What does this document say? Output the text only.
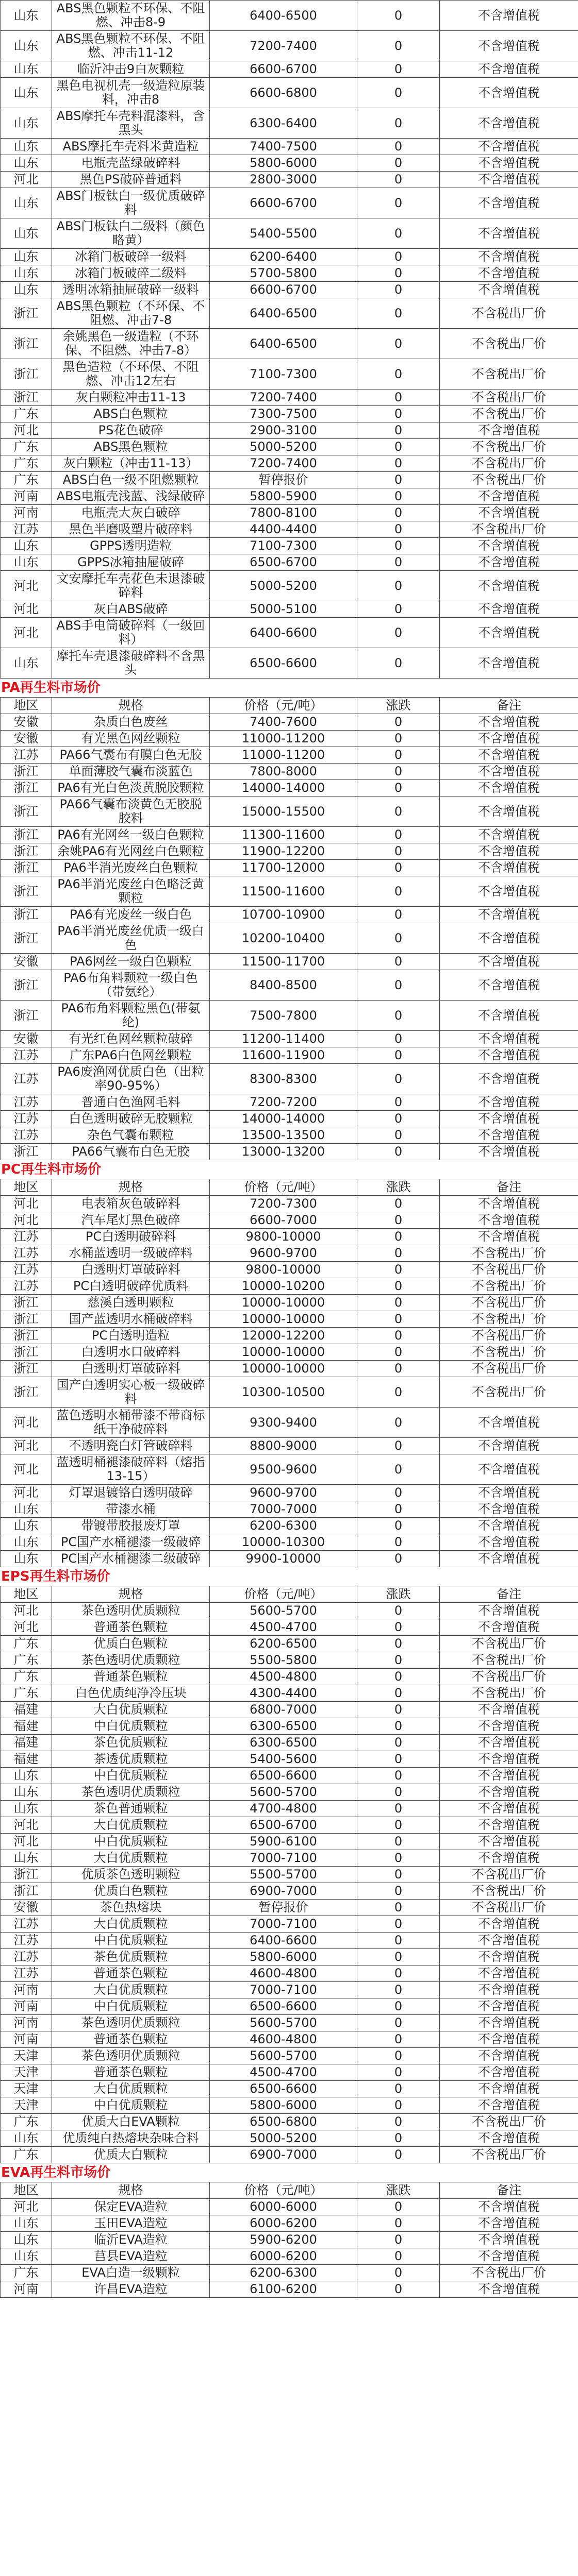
山东	ABS黑色颗粒不环保、不阻燃、冲击8-9	6400-6500	0	不含增值税
山东	ABS黑色颗粒不环保、不阻燃、冲击11-12	7200-7400	0	不含增值税
山东	临沂冲击9白灰颗粒	6600-6700	0	不含增值税
山东	黑色电视机壳一级造粒原装料，冲击8	6600-6800	0	不含增值税
山东	ABS摩托车壳料混漆料，含黑头	6300-6400	0	不含增值税
山东	ABS摩托车壳料米黄造粒	7400-7500	0	不含增值税
山东	电瓶壳蓝绿破碎料	5800-6000	0	不含增值税
河北	黑色PS破碎普通料	2800-3000	0	不含增值税
山东	ABS门板钛白一级优质破碎料	6600-6700	0	不含增值税
山东	ABS门板钛白二级料（颜色略黄）	5400-5500	0	不含增值税
山东	冰箱门板破碎一级料	6200-6400	0	不含增值税
山东	冰箱门板破碎二级料	5700-5800	0	不含增值税
山东	透明冰箱抽屉破碎一级料	6600-6700	0	不含增值税
浙江	ABS黑色颗粒（不环保、不阻燃、冲击7-8	6400-6500	0	不含税出厂价
浙江	余姚黑色一级造粒（不环保、不阻燃、冲击7-8）	6400-6500	0	不含税出厂价
浙江	黑色造粒（不环保、不阻燃、冲击12左右	7100-7300	0	不含税出厂价
浙江	灰白颗粒冲击11-13	7200-7400	0	不含税出厂价
广东	ABS白色颗粒	7300-7500	0	不含税出厂价
河北	PS花色破碎	2900-3100	0	不含增值税
广东	ABS黑色颗粒	5000-5200	0	不含税出厂价
广东	灰白颗粒（冲击11-13）	7200-7400	0	不含税出厂价
广东	ABS白色一级不阻燃颗粒	暂停报价	0	不含税出厂价
河南	ABS电瓶壳浅蓝、浅绿破碎	5800-5900	0	不含增值税
河南	电瓶壳大灰白破碎	7800-8100	0	不含增值税
江苏	黑色半磨吸塑片破碎料	4400-4400	0	不含税出厂价
山东	GPPS透明造粒	7100-7300	0	不含增值税
山东	GPPS冰箱抽屉破碎	6500-6700	0	不含增值税
河北	文安摩托车壳花色未退漆破碎料	5000-5200	0	不含增值税
河北	灰白ABS破碎	5000-5100	0	不含增值税
河北	ABS手电筒破碎料（一级回料）	6400-6600	0	不含增值税
山东	摩托车壳退漆破碎料不含黑头	6500-6600	0	不含增值税
PA再生料市场价
地区	规格	价格（元/吨）	涨跌	备注
安徽	杂质白色废丝	7400-7600	0	不含增值税
安徽	有光黑色网丝颗粒	11000-11200	0	不含增值税
江苏	PA66气囊布有膜白色无胶	11000-11200	0	不含增值税
浙江	单面薄胶气囊布淡蓝色	7800-8000	0	不含增值税
浙江	PA6有光白色淡黄脱胶颗粒	14000-14000	0	不含增值税
浙江	PA66气囊布淡黄色无胶脱胶料	15000-15500	0	不含增值税
浙江	PA6有光网丝一级白色颗粒	11300-11600	0	不含增值税
浙江	余姚PA6有光网丝白色颗粒	11900-12200	0	不含增值税
浙江	PA6半消光废丝白色颗粒	11700-12000	0	不含增值税
浙江	PA6半消光废丝白色略泛黄颗粒	11500-11600	0	不含增值税
浙江	PA6有光废丝一级白色	10700-10900	0	不含增值税
浙江	PA6半消光废丝优质一级白色	10200-10400	0	不含增值税
安徽	PA6网丝一级白色颗粒	11500-11700	0	不含增值税
浙江	PA6布角料颗粒一级白色（带氨纶）	8400-8500	0	不含增值税
浙江	PA6布角料颗粒黑色(带氨纶)	7500-7800	0	不含增值税
安徽	有光红色网丝颗粒破碎	11200-11400	0	不含增值税
江苏	广东PA6白色网丝颗粒	11600-11900	0	不含增值税
江苏	PA6废渔网优质白色（出粒率90-95%）	8300-8300	0	不含增值税
江苏	普通白色渔网毛料	7200-7200	0	不含增值税
江苏	白色透明破碎无胶颗粒	14000-14000	0	不含增值税
江苏	杂色气囊布颗粒	13500-13500	0	不含增值税
浙江	PA66气囊布白色无胶	13000-13200	0	不含增值税
PC再生料市场价
地区	规格	价格（元/吨）	涨跌	备注
河北	电表箱灰色破碎料	7200-7300	0	不含增值税
河北	汽车尾灯黑色破碎	6600-7000	0	不含增值税
江苏	PC白透明破碎料	9800-10000	0	不含增值税
江苏	水桶蓝透明一级破碎料	9600-9700	0	不含税出厂价
江苏	白透明灯罩破碎料	9800-10000	0	不含税出厂价
江苏	PC白透明破碎优质料	10000-10200	0	不含税出厂价
浙江	慈溪白透明颗粒	10000-10000	0	不含税出厂价
浙江	国产蓝透明水桶破碎料	10000-10000	0	不含税出厂价
浙江	PC白透明造粒	12000-12200	0	不含税出厂价
浙江	白透明水口破碎料	10000-10000	0	不含税出厂价
浙江	白透明灯罩破碎料	10000-10000	0	不含税出厂价
浙江	国产白透明实心板一级破碎料	10300-10500	0	不含税出厂价
河北	蓝色透明水桶带漆不带商标纸干净破碎料	9300-9400	0	不含增值税
河北	不透明瓷白灯管破碎料	8800-9000	0	不含增值税
河北	蓝透明桶褪漆破碎料（熔指13-15）	9500-9600	0	不含增值税
河北	灯罩退镀铬白透明破碎	9600-9700	0	不含增值税
山东	带漆水桶	7000-7000	0	不含增值税
山东	带镀带胶报废灯罩	6200-6300	0	不含增值税
山东	PC国产水桶褪漆一级破碎	10000-10300	0	不含增值税
山东	PC国产水桶褪漆二级破碎	9900-10000	0	不含增值税
EPS再生料市场价
地区	规格	价格（元/吨）	涨跌	备注
河北	茶色透明优质颗粒	5600-5700	0	不含增值税
河北	普通茶色颗粒	4500-4700	0	不含增值税
广东	优质白色颗粒	6200-6500	0	不含税出厂价
广东	茶色透明优质颗粒	5500-5800	0	不含税出厂价
广东	普通茶色颗粒	4500-4800	0	不含税出厂价
广东	白色优质纯净冷压块	4300-4400	0	不含税出厂价
福建	大白优质颗粒	6800-7000	0	不含增值税
福建	中白优质颗粒	6300-6500	0	不含增值税
福建	茶色优质颗粒	6300-6500	0	不含增值税
福建	茶透优质颗粒	5400-5600	0	不含增值税
山东	中白优质颗粒	6500-6600	0	不含增值税
山东	茶色透明优质颗粒	5600-5700	0	不含增值税
山东	茶色普通颗粒	4700-4800	0	不含增值税
河北	大白优质颗粒	6500-6700	0	不含增值税
河北	中白优质颗粒	5900-6100	0	不含增值税
山东	大白优质颗粒	7000-7100	0	不含增值税
浙江	优质茶色透明颗粒	5500-5700	0	不含税出厂价
浙江	优质白色颗粒	6900-7000	0	不含税出厂价
安徽	茶色热熔块	暂停报价	0	不含税出厂价
江苏	大白优质颗粒	7000-7100	0	不含增值税
江苏	中白优质颗粒	6400-6600	0	不含增值税
江苏	茶色优质颗粒	5800-6000	0	不含增值税
江苏	普通茶色颗粒	4600-4800	0	不含增值税
河南	大白优质颗粒	7000-7100	0	不含增值税
河南	中白优质颗粒	6500-6600	0	不含增值税
河南	茶色透明优质颗粒	5600-5700	0	不含增值税
河南	普通茶色颗粒	4600-4800	0	不含增值税
天津	茶色透明优质颗粒	5600-5700	0	不含增值税
天津	普通茶色颗粒	4500-4700	0	不含增值税
天津	大白优质颗粒	6500-6600	0	不含增值税
天津	中白优质颗粒	5800-6000	0	不含增值税
广东	优质大白EVA颗粒	6500-6800	0	不含税出厂价
山东	优质纯白热熔块杂味合料	5000-5200	0	不含增值税
广东	优质大白颗粒	6900-7000	0	不含税出厂价
EVA再生料市场价
地区	规格	价格（元/吨）	涨跌	备注
河北	保定EVA造粒	6000-6000	0	不含增值税
山东	玉田EVA造粒	6000-6200	0	不含增值税
山东	临沂EVA造粒	5900-6200	0	不含增值税
山东	莒县EVA造粒	6000-6200	0	不含增值税
广东	EVA白造一级颗粒	6200-6300	0	不含税出厂价
河南	许昌EVA造粒	6100-6200	0	不含增值税
